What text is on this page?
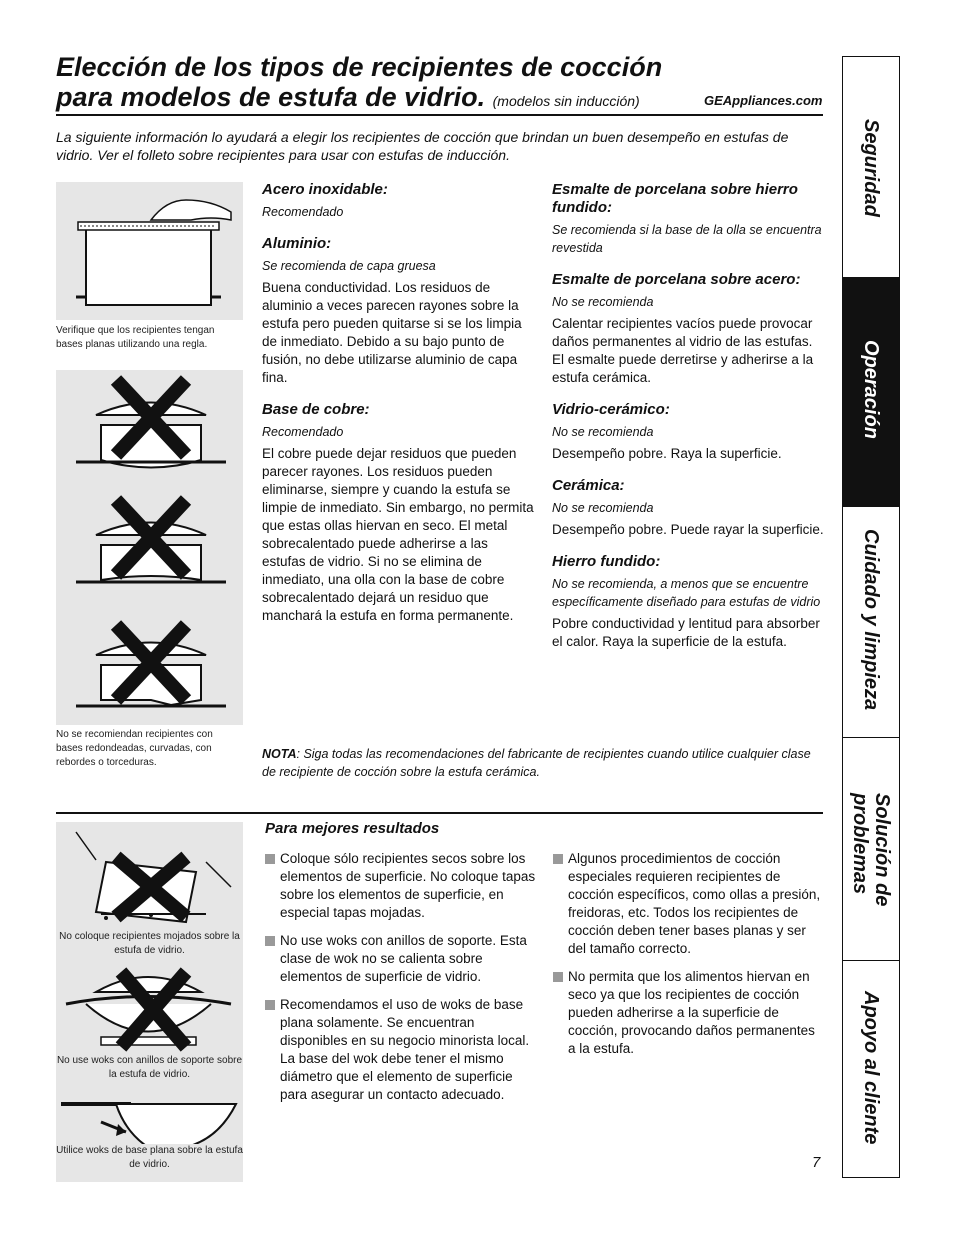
Elección de los tipos de recipientes de cocción
para modelos de estufa de vidrio. (modelos sin inducción)	GEAppliances.com
La siguiente información lo ayudará a elegir los recipientes de cocción que brindan un buen desempeño en estufas de vidrio. Ver el folleto sobre recipientes para usar con estufas de inducción.
Verifique que los recipientes tengan bases planas utilizando una regla.
No se recomiendan recipientes con bases redondeadas, curvadas, con rebordes o torceduras.
Acero inoxidable:
Recomendado
Aluminio:
Se recomienda de capa gruesa
Buena conductividad. Los residuos de aluminio a veces parecen rayones sobre la estufa pero pueden quitarse si se los limpia de inmediato. Debido a su bajo punto de fusión, no debe utilizarse aluminio de capa fina.
Base de cobre:
Recomendado
El cobre puede dejar residuos que pueden parecer rayones. Los residuos pueden eliminarse, siempre y cuando la estufa se limpie de inmediato. Sin embargo, no permita que estas ollas hiervan en seco. El metal sobrecalentado puede adherirse a las estufas de vidrio. Si no se elimina de inmediato, una olla con la base de cobre sobrecalentado dejará un residuo que manchará la estufa en forma permanente.
Esmalte de porcelana sobre hierro fundido:
Se recomienda si la base de la olla se encuentra revestida
Esmalte de porcelana sobre acero:
No se recomienda
Calentar recipientes vacíos puede provocar daños permanentes al vidrio de las estufas. El esmalte puede derretirse y adherirse a la estufa cerámica.
Vidrio-cerámico:
No se recomienda
Desempeño pobre. Raya la superficie.
Cerámica:
No se recomienda
Desempeño pobre. Puede rayar la superficie.
Hierro fundido:
No se recomienda, a menos que se encuentre específicamente diseñado para estufas de vidrio
Pobre conductividad y lentitud para absorber el calor. Raya la superficie de la estufa.
NOTA: Siga todas las recomendaciones del fabricante de recipientes cuando utilice cualquier clase de recipiente de cocción sobre la estufa cerámica.
No coloque recipientes mojados sobre la estufa de vidrio.
No use woks con anillos de soporte sobre la estufa de vidrio.
Utilice woks de base plana sobre la estufa de vidrio.
Para mejores resultados
Coloque sólo recipientes secos sobre los elementos de superficie. No coloque tapas sobre los elementos de superficie, en especial tapas mojadas.
No use woks con anillos de soporte. Esta clase de wok no se calienta sobre elementos de superficie de vidrio.
Recomendamos el uso de woks de base plana solamente. Se encuentran disponibles en su negocio minorista local. La base del wok debe tener el mismo diámetro que el elemento de superficie para asegurar un contacto adecuado.
Algunos procedimientos de cocción especiales requieren recipientes de cocción específicos, como ollas a presión, freidoras, etc. Todos los recipientes de cocción deben tener bases planas y ser del tamaño correcto.
No permita que los alimentos hiervan en seco ya que los recipientes de cocción pueden adherirse a la superficie de cocción, provocando daños permanentes a la estufa.
7
Seguridad
Operación
Cuidado y limpieza
Solución de problemas
Apoyo al cliente
